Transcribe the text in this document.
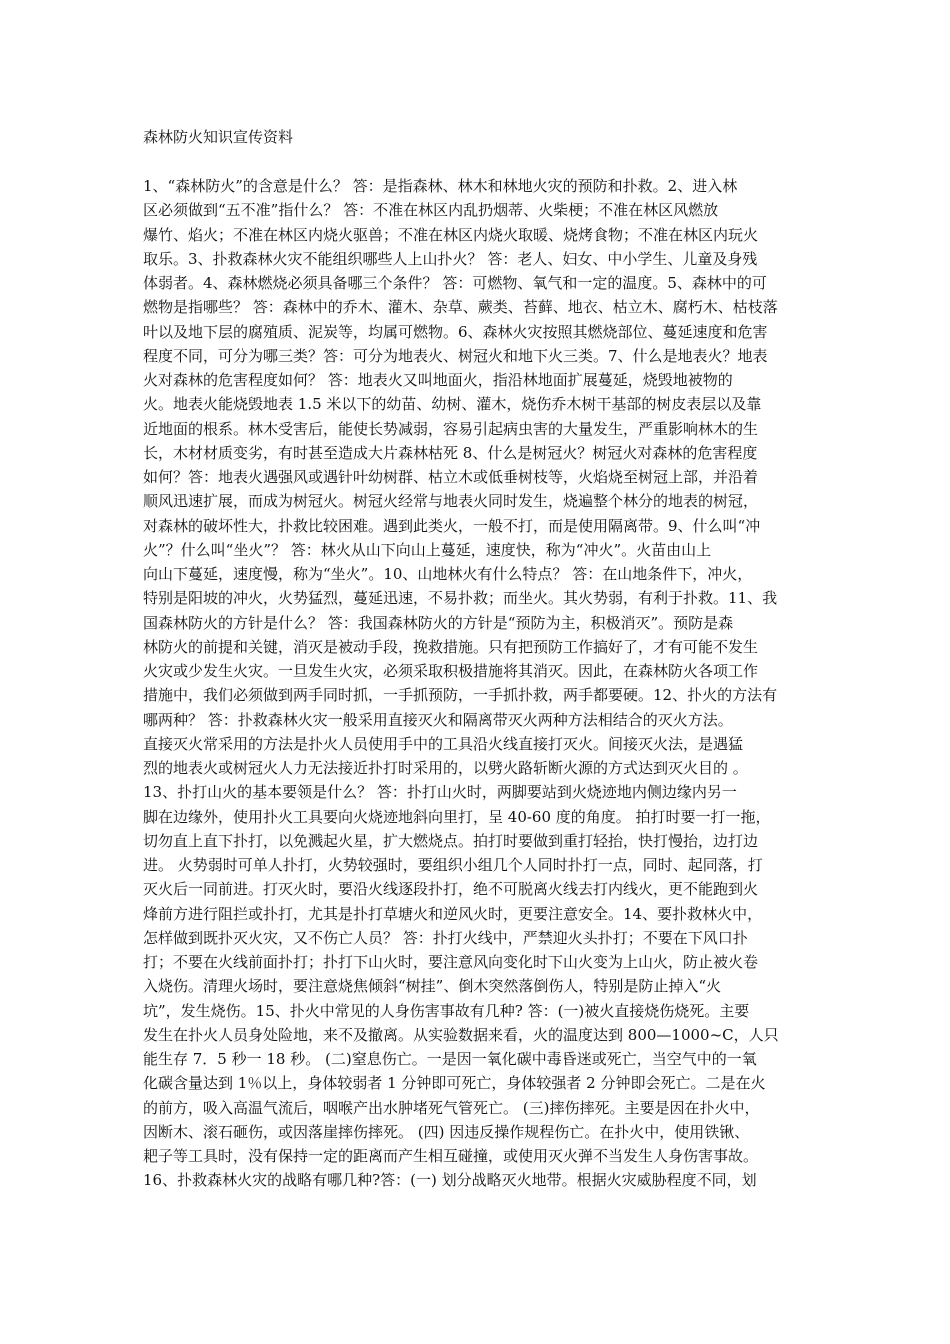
森林防火知识宣传资料
1、“森林防火”的含意是什么？ 答：是指森林、林木和林地火灾的预防和扑救。2、进入林
区必须做到“五不准”指什么？ 答：不准在林区内乱扔烟蒂、火柴梗；不准在林区风燃放
爆竹、焰火；不准在林区内烧火驱兽；不准在林区内烧火取暖、烧烤食物；不准在林区内玩火
取乐。3、扑救森林火灾不能组织哪些人上山扑火？ 答：老人、妇女、中小学生、儿童及身残
体弱者。4、森林燃烧必须具备哪三个条件？ 答：可燃物、氧气和一定的温度。5、森林中的可
燃物是指哪些？ 答：森林中的乔木、灌木、杂草、蕨类、苔藓、地衣、枯立木、腐朽木、枯枝落
叶以及地下层的腐殖质、泥炭等，均属可燃物。6、森林火灾按照其燃烧部位、蔓延速度和危害
程度不同，可分为哪三类？答：可分为地表火、树冠火和地下火三类。7、什么是地表火？地表
火对森林的危害程度如何？ 答：地表火又叫地面火，指沿林地面扩展蔓延，烧毁地被物的
火。地表火能烧毁地表 1.5 米以下的幼苗、幼树、灌木，烧伤乔木树干基部的树皮表层以及靠
近地面的根系。林木受害后，能使长势减弱，容易引起病虫害的大量发生，严重影响林木的生
长，木材材质变劣，有时甚至造成大片森林枯死 8、什么是树冠火？树冠火对森林的危害程度
如何？答：地表火遇强风或遇针叶幼树群、枯立木或低垂树枝等，火焰烧至树冠上部，并沿着
顺风迅速扩展，而成为树冠火。树冠火经常与地表火同时发生，烧遍整个林分的地表的树冠，
对森林的破坏性大，扑救比较困难。遇到此类火，一般不打，而是使用隔离带。9、什么叫“冲
火”？什么叫“坐火”？ 答：林火从山下向山上蔓延，速度快，称为“冲火”。火苗由山上
向山下蔓延，速度慢，称为“坐火”。10、山地林火有什么特点？ 答：在山地条件下，冲火，
特别是阳坡的冲火，火势猛烈，蔓延迅速，不易扑救；而坐火。其火势弱，有利于扑救。11、我
国森林防火的方针是什么？ 答：我国森林防火的方针是“预防为主，积极消灭”。预防是森
林防火的前提和关键，消灭是被动手段，挽救措施。只有把预防工作搞好了，才有可能不发生
火灾或少发生火灾。一旦发生火灾，必须采取积极措施将其消灭。因此，在森林防火各项工作
措施中，我们必须做到两手同时抓，一手抓预防，一手抓扑救，两手都要硬。12、扑火的方法有
哪两种？ 答：扑救森林火灾一般采用直接灭火和隔离带灭火两种方法相结合的灭火方法。
直接灭火常采用的方法是扑火人员使用手中的工具沿火线直接打灭火。间接灭火法，是遇猛
烈的地表火或树冠火人力无法接近扑打时采用的，以劈火路斩断火源的方式达到灭火目的 。
13、扑打山火的基本要领是什么？ 答：扑打山火时，两脚要站到火烧迹地内侧边缘内另一
脚在边缘外，使用扑火工具要向火烧迹地斜向里打，呈 40-60 度的角度。 拍打时要一打一拖，
切勿直上直下扑打，以免溅起火星，扩大燃烧点。拍打时要做到重打轻抬，快打慢抬，边打边
进。 火势弱时可单人扑打，火势较强时，要组织小组几个人同时扑打一点，同时、起同落，打
灭火后一同前进。打灭火时，要沿火线逐段扑打，绝不可脱离火线去打内线火，更不能跑到火
烽前方进行阻拦或扑打，尤其是扑打草塘火和逆风火时，更要注意安全。14、要扑救林火中，
怎样做到既扑灭火灾，又不伤亡人员？ 答：扑打火线中，严禁迎火头扑打；不要在下风口扑
打；不要在火线前面扑打；扑打下山火时，要注意风向变化时下山火变为上山火，防止被火卷
入烧伤。清理火场时，要注意烧焦倾斜“树挂”、倒木突然落倒伤人，特别是防止掉入“火
坑”，发生烧伤。15、扑火中常见的人身伤害事故有几种? 答：(一)被火直接烧伤烧死。主要
发生在扑火人员身处险地，来不及撤离。从实验数据来看，火的温度达到 800—1000~C，人只
能生存 7．5 秒一 18 秒。 (二)窒息伤亡。一是因一氧化碳中毒昏迷或死亡，当空气中的一氧
化碳含量达到 1％以上，身体较弱者 1 分钟即可死亡，身体较强者 2 分钟即会死亡。二是在火
的前方，吸入高温气流后，咽喉产出水肿堵死气管死亡。 (三)摔伤摔死。主要是因在扑火中，
因断木、滚石砸伤，或因落崖摔伤摔死。 (四) 因违反操作规程伤亡。在扑火中，使用铁锹、
耙子等工具时，没有保持一定的距离而产生相互碰撞，或使用灭火弹不当发生人身伤害事故。
16、扑救森林火灾的战略有哪几种?答：(一) 划分战略灭火地带。根据火灾威胁程度不同，划
